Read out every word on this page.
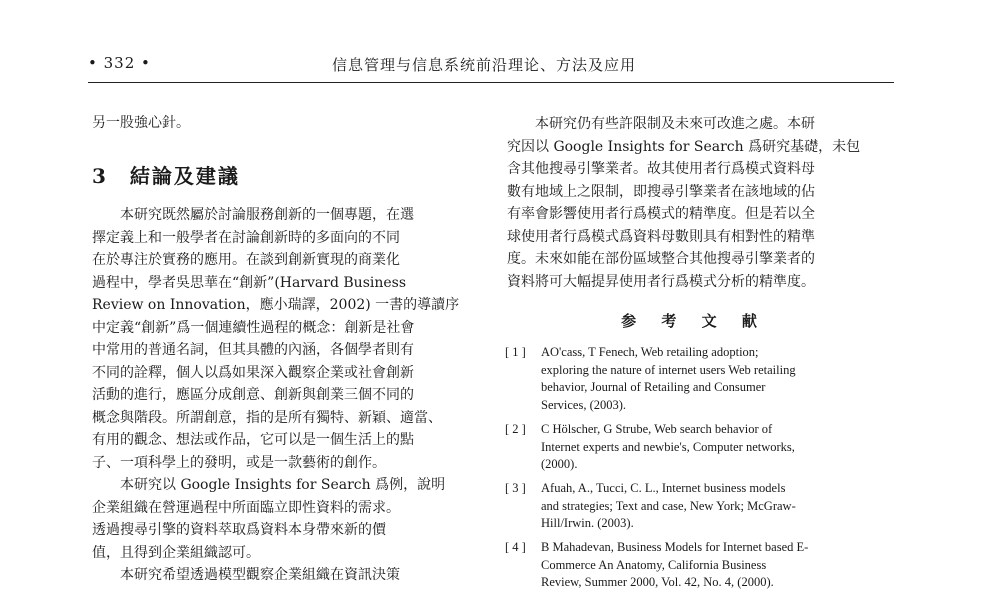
• 332 •	信息管理与信息系统前沿理论、方法及应用
另一股強心針。
3 結論及建議
本研究既然屬於討論服務創新的一個專題，在選
擇定義上和一般學者在討論創新時的多面向的不同
在於專注於實務的應用。在談到創新實現的商業化
過程中，學者吳思華在“創新”(Harvard Business
Review on Innovation，應小瑞譯，2002) 一書的導讀序
中定義“創新”爲一個連續性過程的概念：創新是社會
中常用的普通名詞，但其具體的內涵，各個學者則有
不同的詮釋，個人以爲如果深入觀察企業或社會創新
活動的進行，應區分成創意、創新與創業三個不同的
概念與階段。所謂創意，指的是所有獨特、新穎、適當、
有用的觀念、想法或作品，它可以是一個生活上的點
子、一項科學上的發明，或是一款藝術的創作。
本研究以 Google Insights for Search 爲例，說明
企業組織在營運過程中所面臨立即性資料的需求。
透過搜尋引擎的資料萃取爲資料本身帶來新的價
值，且得到企業組織認可。
本研究希望透過模型觀察企業組織在資訊決策
本研究仍有些許限制及未來可改進之處。本研
究因以 Google Insights for Search 爲研究基礎，未包
含其他搜尋引擎業者。故其使用者行爲模式資料母
數有地域上之限制，即搜尋引擎業者在該地域的佔
有率會影響使用者行爲模式的精準度。但是若以全
球使用者行爲模式爲資料母數則具有相對性的精準
度。未來如能在部份區域整合其他搜尋引擎業者的
資料將可大幅提昇使用者行爲模式分析的精準度。
参 考 文 献
[ 1 ] AO'cass, T Fenech, Web retailing adoption;
exploring the nature of internet users Web retailing
behavior, Journal of Retailing and Consumer
Services, (2003).
[ 2 ] C Hölscher, G Strube, Web search behavior of
Internet experts and newbie's, Computer networks,
(2000).
[ 3 ] Afuah, A., Tucci, C. L., Internet business models
and strategies; Text and case, New York; McGraw-
Hill/Irwin. (2003).
[ 4 ] B Mahadevan, Business Models for Internet based E-
Commerce An Anatomy, California Business
Review, Summer 2000, Vol. 42, No. 4, (2000).
